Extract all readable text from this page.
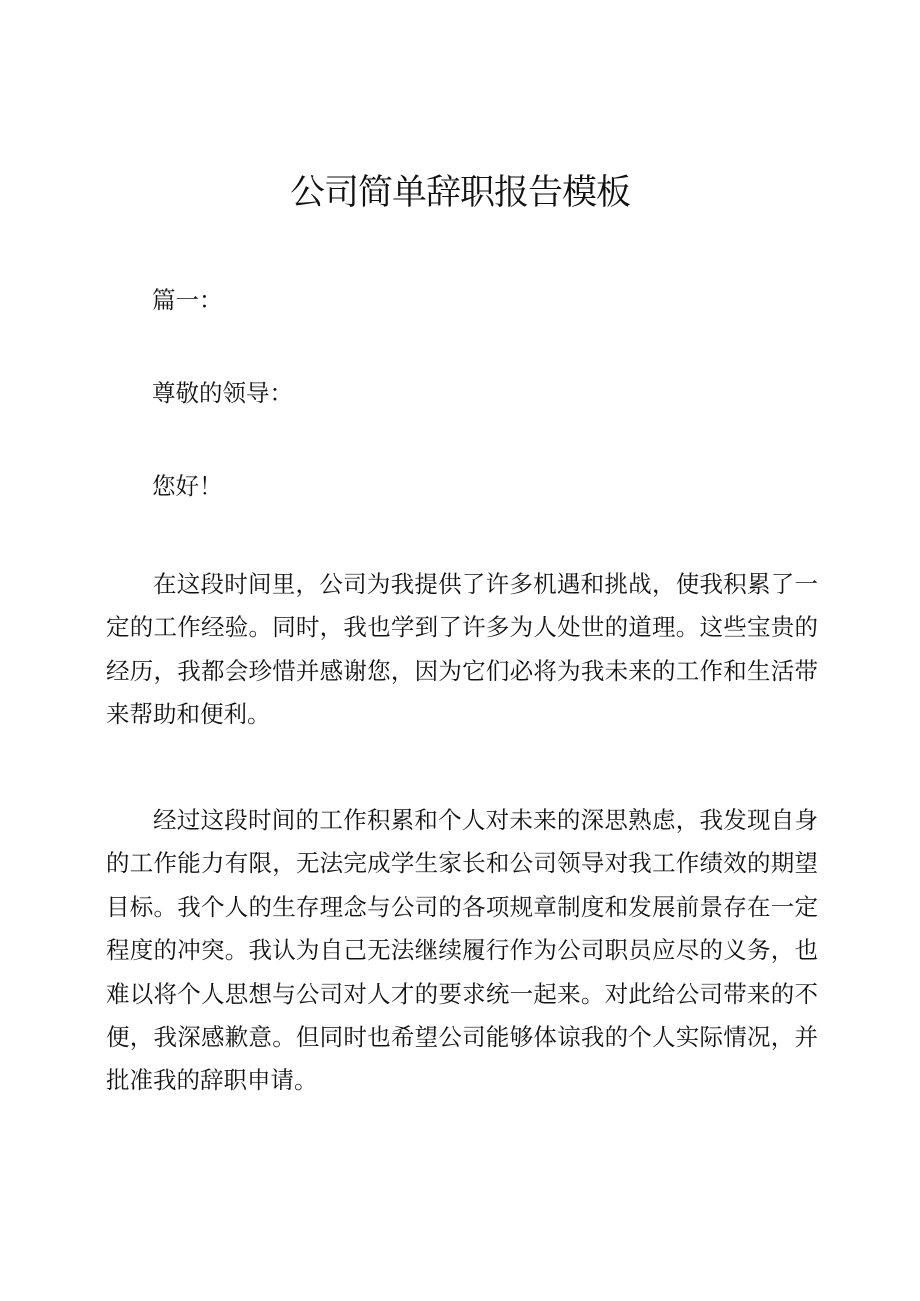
公司简单辞职报告模板
篇一：
尊敬的领导：
您好！

在这段时间里，公司为我提供了许多机遇和挑战，使我积累了一定的工作经验。同时，我也学到了许多为人处世的道理。这些宝贵的经历，我都会珍惜并感谢您，因为它们必将为我未来的工作和生活带来帮助和便利。

经过这段时间的工作积累和个人对未来的深思熟虑，我发现自身的工作能力有限，无法完成学生家长和公司领导对我工作绩效的期望目标。我个人的生存理念与公司的各项规章制度和发展前景存在一定程度的冲突。我认为自己无法继续履行作为公司职员应尽的义务，也难以将个人思想与公司对人才的要求统一起来。对此给公司带来的不便，我深感歉意。但同时也希望公司能够体谅我的个人实际情况，并批准我的辞职申请。
